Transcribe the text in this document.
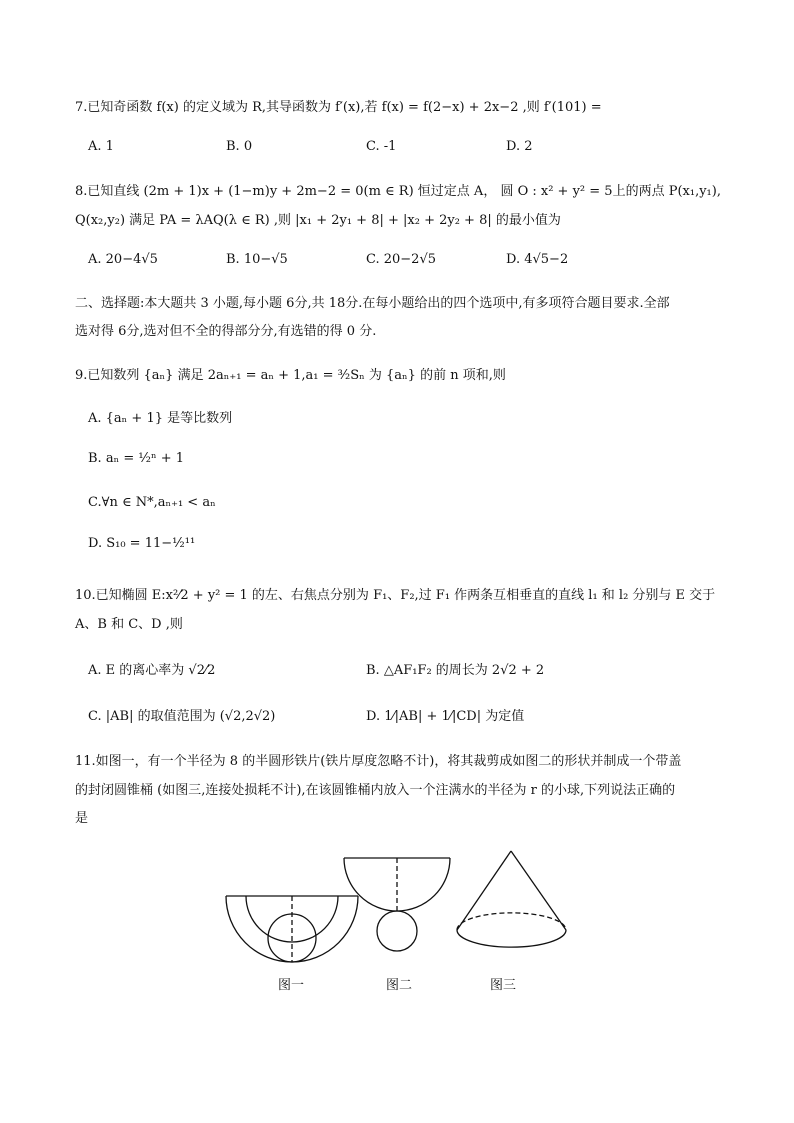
7.已知奇函数 f(x) 的定义域为 R,其导函数为 f′(x),若 f(x) = f(2−x) + 2x−2 ,则 f′(101) =
A. 1	B. 0	C. -1	D. 2
8.已知直线 (2m + 1)x + (1−m)y + 2m−2 = 0(m ∈ R) 恒过定点 A， 圆 O : x² + y² = 5上的两点 P(x₁,y₁),
Q(x₂,y₂) 满足 PA = λAQ(λ ∈ R) ,则 |x₁ + 2y₁ + 8| + |x₂ + 2y₂ + 8| 的最小值为
A. 20−4√5	B. 10−√5	C. 20−2√5	D. 4√5−2
二、选择题:本大题共 3 小题,每小题 6分,共 18分.在每小题给出的四个选项中,有多项符合题目要求.全部
选对得 6分,选对但不全的得部分分,有选错的得 0 分.
9.已知数列 {aₙ} 满足 2aₙ₊₁ = aₙ + 1,a₁ = ³⁄₂Sₙ 为 {aₙ} 的前 n 项和,则
A. {aₙ + 1} 是等比数列
B. aₙ = ¹⁄₂ⁿ + 1
C.∀n ∈ N*,aₙ₊₁ < aₙ
D. S₁₀ = 11−¹⁄₂¹¹
10.已知椭圆 E:x²⁄2 + y² = 1 的左、右焦点分别为 F₁、F₂,过 F₁ 作两条互相垂直的直线 l₁ 和 l₂ 分别与 E 交于
A、B 和 C、D ,则
A. E 的离心率为 √2⁄2	B. △AF₁F₂ 的周长为 2√2 + 2
C. |AB| 的取值范围为 (√2,2√2)	D. 1⁄|AB| + 1⁄|CD| 为定值
11.如图一，有一个半径为 8 的半圆形铁片(铁片厚度忽略不计)，将其裁剪成如图二的形状并制成一个带盖
的封闭圆锥桶 (如图三,连接处损耗不计),在该圆锥桶内放入一个注满水的半径为 r 的小球,下列说法正确的
是
图一	图二	图三
